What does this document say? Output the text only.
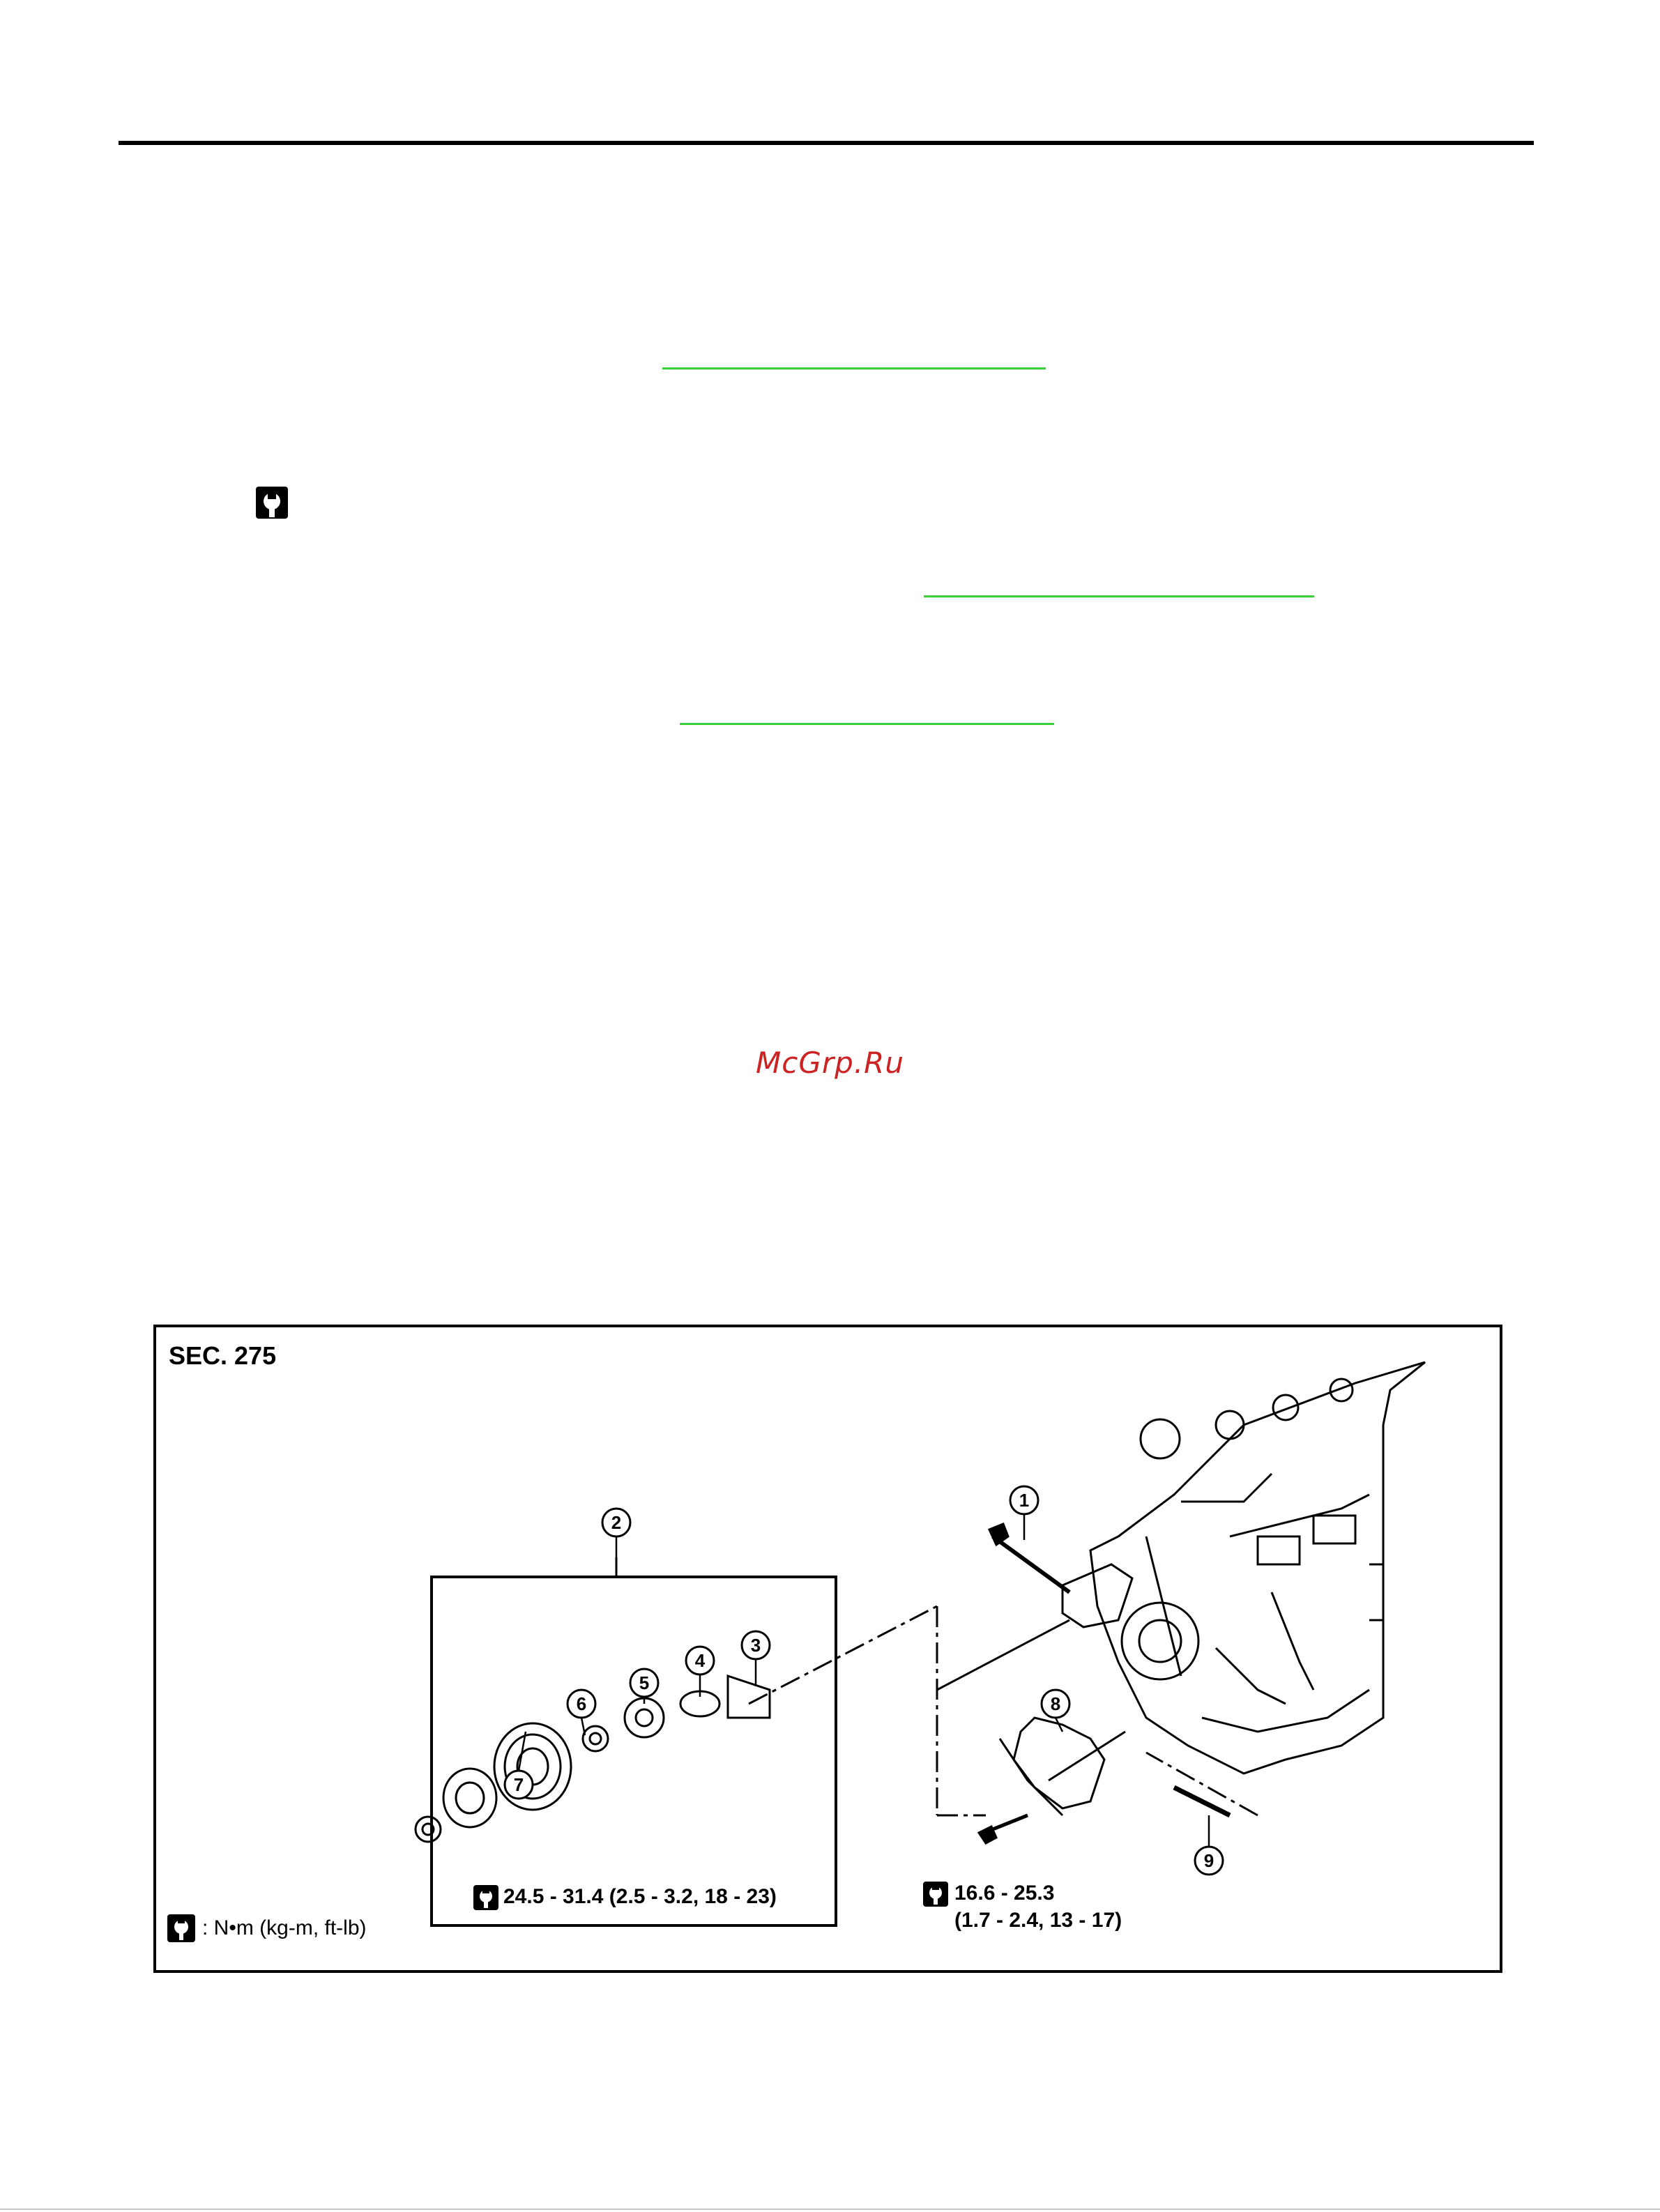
McGrp.Ru
SEC. 275
1
2
3
4
5
6
7
8
9
24.5 - 31.4 (2.5 - 3.2, 18 - 23)	16.6 - 25.3
(1.7 - 2.4, 13 - 17)
: N•m (kg-m, ft-lb)
